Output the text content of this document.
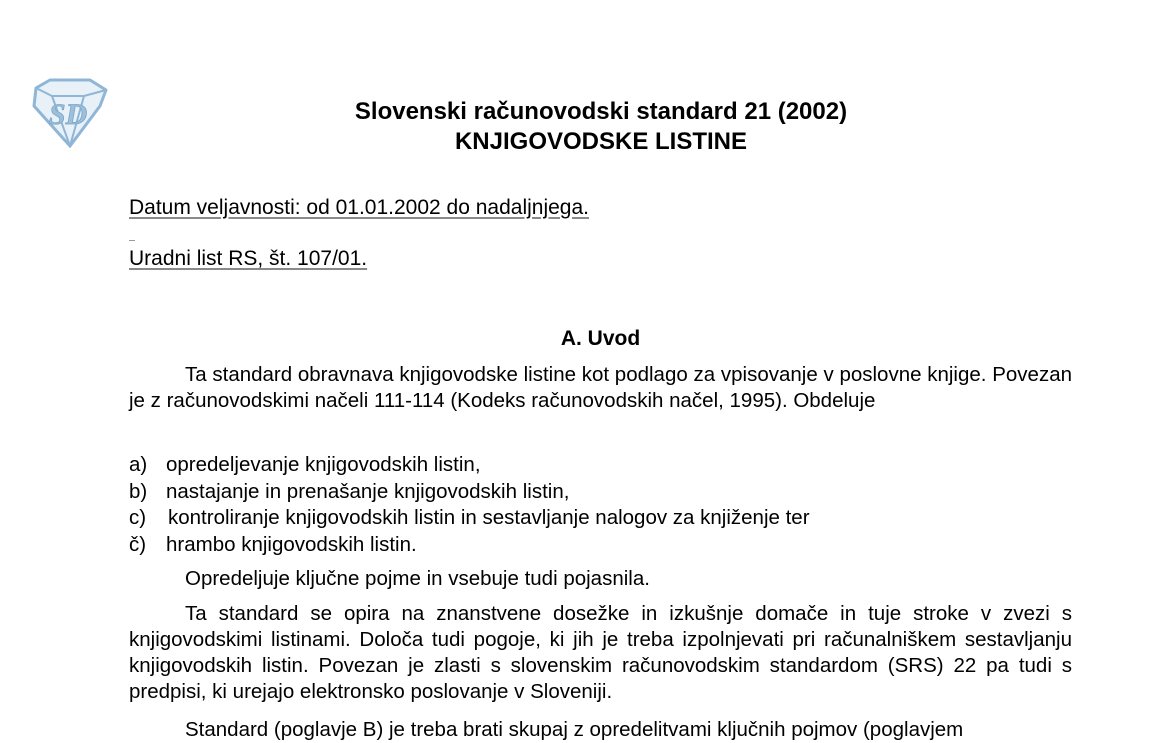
SD	Slovenski računovodski standard 21 (2002)
KNJIGOVODSKE LISTINE
Datum veljavnosti: od 01.01.2002 do nadaljnjega.
Uradni list RS, št. 107/01.
A. Uvod

Ta standard obravnava knjigovodske listine kot podlago za vpisovanje v poslovne knjige. Povezan je z računovodskimi načeli 111-114 (Kodeks računovodskih načel, 1995). Obdeluje

a) opredeljevanje knjigovodskih listin,
b) nastajanje in prenašanje knjigovodskih listin,
c)	kontroliranje knjigovodskih listin in sestavljanje nalogov za knjiženje ter
č) hrambo knjigovodskih listin.

Opredeljuje ključne pojme in vsebuje tudi pojasnila.

Ta standard se opira na znanstvene dosežke in izkušnje domače in tuje stroke v zvezi s knjigovodskimi listinami. Določa tudi pogoje, ki jih je treba izpolnjevati pri računalniškem sestavljanju knjigovodskih listin. Povezan je zlasti s slovenskim računovodskim standardom (SRS) 22 pa tudi s predpisi, ki urejajo elektronsko poslovanje v Sloveniji.

Standard (poglavje B) je treba brati skupaj z opredelitvami ključnih pojmov (poglavjem
